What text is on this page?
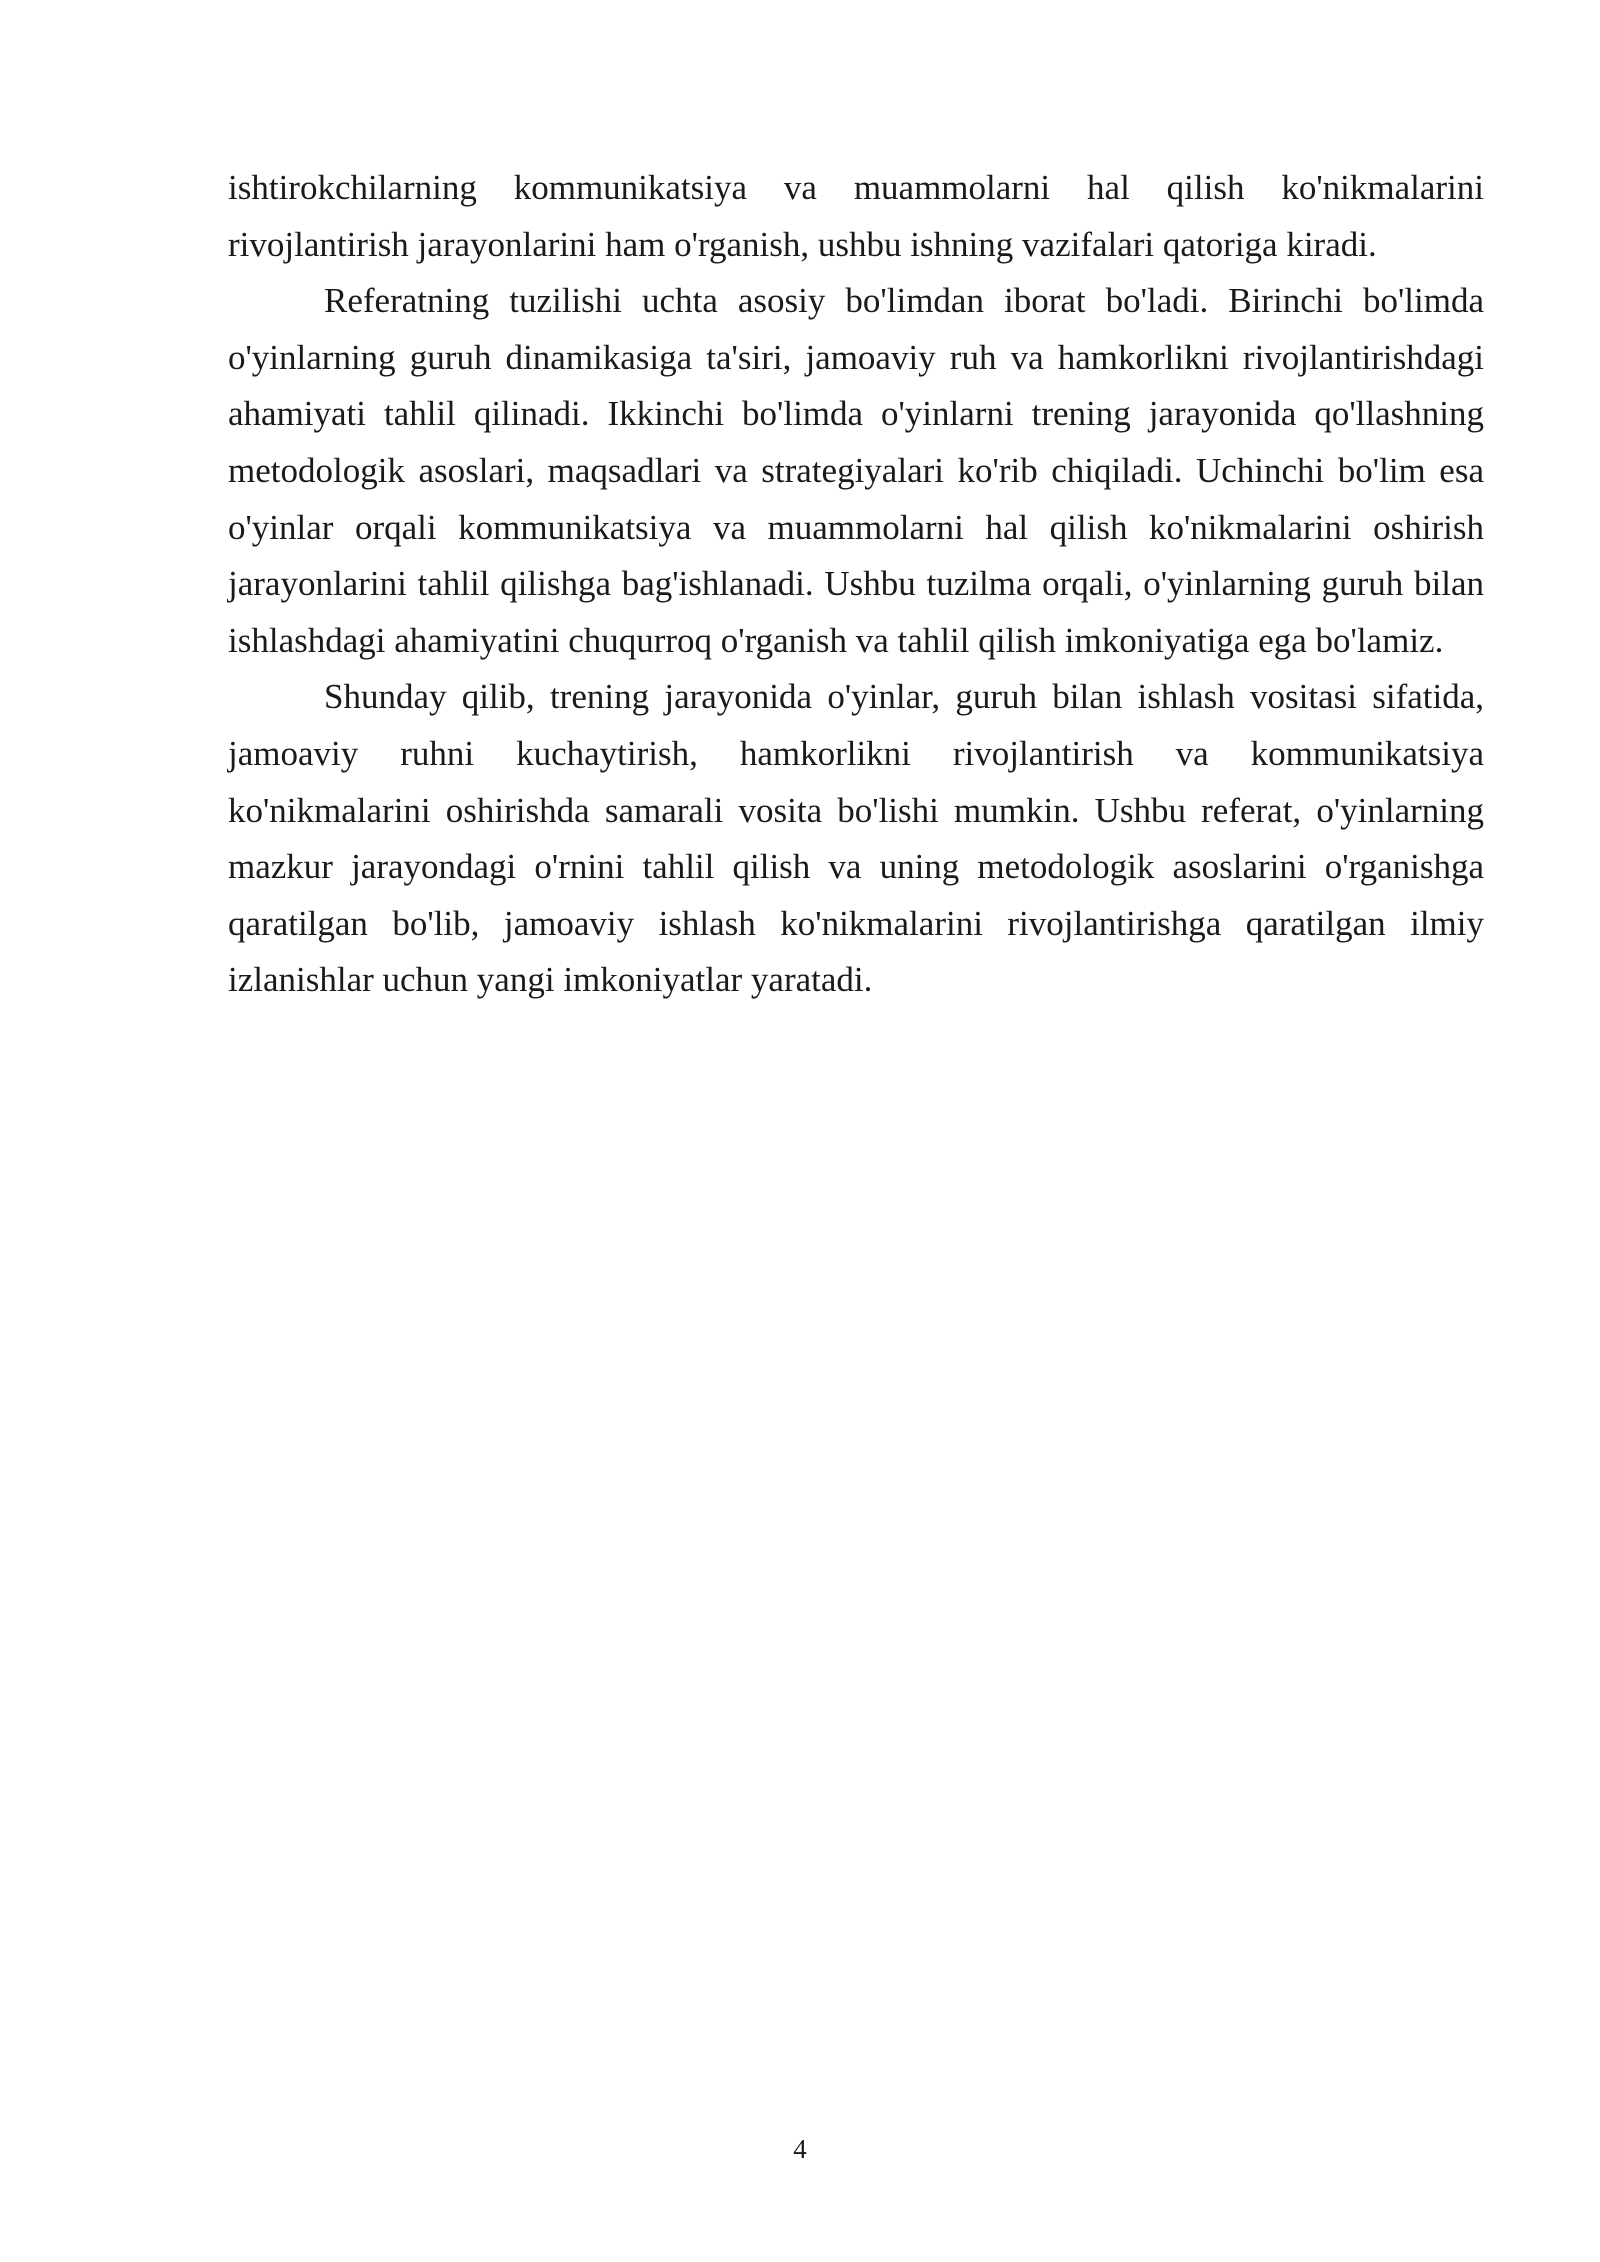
ishtirokchilarning kommunikatsiya va muammolarni hal qilish ko'nikmalarini rivojlantirish jarayonlarini ham o'rganish, ushbu ishning vazifalari qatoriga kiradi.

Referatning tuzilishi uchta asosiy bo'limdan iborat bo'ladi. Birinchi bo'limda o'yinlarning guruh dinamikasiga ta'siri, jamoaviy ruh va hamkorlikni rivojlantirishdagi ahamiyati tahlil qilinadi. Ikkinchi bo'limda o'yinlarni trening jarayonida qo'llashning metodologik asoslari, maqsadlari va strategiyalari ko'rib chiqiladi. Uchinchi bo'lim esa o'yinlar orqali kommunikatsiya va muammolarni hal qilish ko'nikmalarini oshirish jarayonlarini tahlil qilishga bag'ishlanadi. Ushbu tuzilma orqali, o'yinlarning guruh bilan ishlashdagi ahamiyatini chuqurroq o'rganish va tahlil qilish imkoniyatiga ega bo'lamiz.

Shunday qilib, trening jarayonida o'yinlar, guruh bilan ishlash vositasi sifatida, jamoaviy ruhni kuchaytirish, hamkorlikni rivojlantirish va kommunikatsiya ko'nikmalarini oshirishda samarali vosita bo'lishi mumkin. Ushbu referat, o'yinlarning mazkur jarayondagi o'rnini tahlil qilish va uning metodologik asoslarini o'rganishga qaratilgan bo'lib, jamoaviy ishlash ko'nikmalarini rivojlantirishga qaratilgan ilmiy izlanishlar uchun yangi imkoniyatlar yaratadi.

4
